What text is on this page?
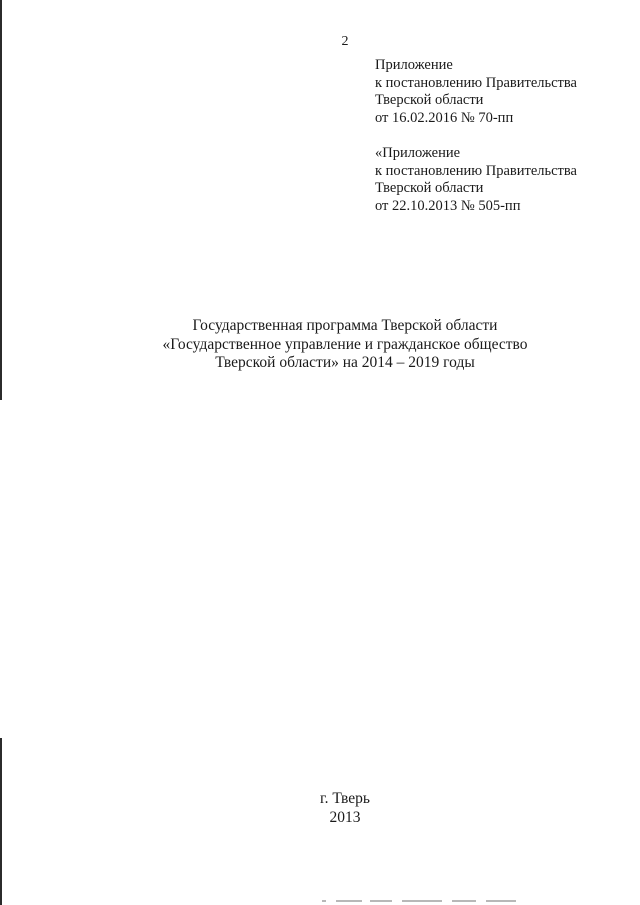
2
Приложение
к постановлению Правительства
Тверской области
от 16.02.2016 № 70-пп
«Приложение
к постановлению Правительства
Тверской области
от 22.10.2013 № 505-пп
Государственная программа Тверской области
«Государственное управление и гражданское общество
Тверской области» на 2014 – 2019 годы
г. Тверь
2013
